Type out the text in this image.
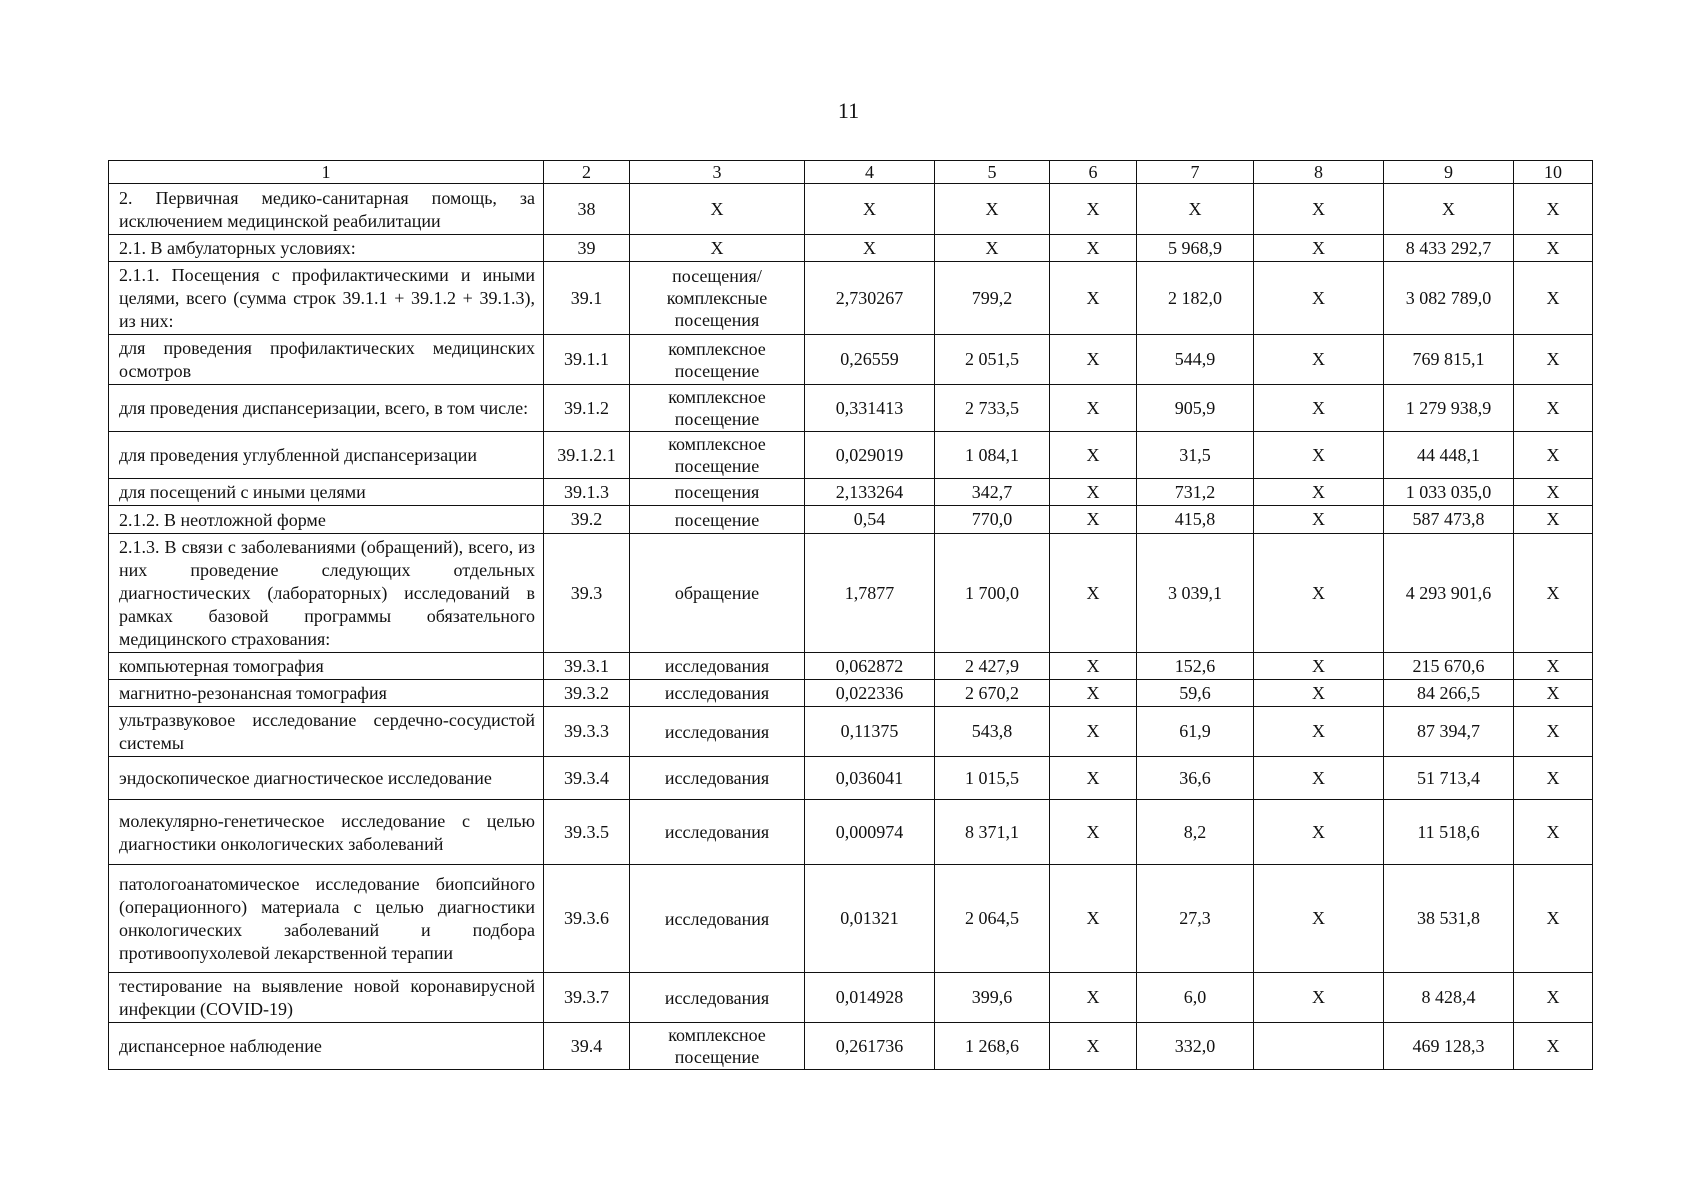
11
1	2	3	4	5	6	7	8	9	10
2. Первичная медико-санитарная помощь, за исключением медицинской реабилитации	38	X	X	X	X	X	X	X	X
2.1. В амбулаторных условиях:	39	X	X	X	X	5 968,9	X	8 433 292,7	X
2.1.1. Посещения с профилактическими и иными целями, всего (сумма строк 39.1.1 + 39.1.2 + 39.1.3), из них:	39.1	посещения/ комплексные посещения	2,730267	799,2	X	2 182,0	X	3 082 789,0	X
для проведения профилактических медицинских осмотров	39.1.1	комплексное посещение	0,26559	2 051,5	X	544,9	X	769 815,1	X
для проведения диспансеризации, всего, в том числе:	39.1.2	комплексное посещение	0,331413	2 733,5	X	905,9	X	1 279 938,9	X
для проведения углубленной диспансеризации	39.1.2.1	комплексное посещение	0,029019	1 084,1	X	31,5	X	44 448,1	X
для посещений с иными целями	39.1.3	посещения	2,133264	342,7	X	731,2	X	1 033 035,0	X
2.1.2. В неотложной форме	39.2	посещение	0,54	770,0	X	415,8	X	587 473,8	X
2.1.3. В связи с заболеваниями (обращений), всего, из них проведение следующих отдельных диагностических (лабораторных) исследований в рамках базовой программы обязательного медицинского страхования:	39.3	обращение	1,7877	1 700,0	X	3 039,1	X	4 293 901,6	X
компьютерная томография	39.3.1	исследования	0,062872	2 427,9	X	152,6	X	215 670,6	X
магнитно-резонансная томография	39.3.2	исследования	0,022336	2 670,2	X	59,6	X	84 266,5	X
ультразвуковое исследование сердечно-сосудистой системы	39.3.3	исследования	0,11375	543,8	X	61,9	X	87 394,7	X
эндоскопическое диагностическое исследование	39.3.4	исследования	0,036041	1 015,5	X	36,6	X	51 713,4	X
молекулярно-генетическое исследование с целью диагностики онкологических заболеваний	39.3.5	исследования	0,000974	8 371,1	X	8,2	X	11 518,6	X
патологоанатомическое исследование биопсийного (операционного) материала с целью диагностики онкологических заболеваний и подбора противоопухолевой лекарственной терапии	39.3.6	исследования	0,01321	2 064,5	X	27,3	X	38 531,8	X
тестирование на выявление новой коронавирусной инфекции (COVID-19)	39.3.7	исследования	0,014928	399,6	X	6,0	X	8 428,4	X
диспансерное наблюдение	39.4	комплексное посещение	0,261736	1 268,6	X	332,0		469 128,3	X
